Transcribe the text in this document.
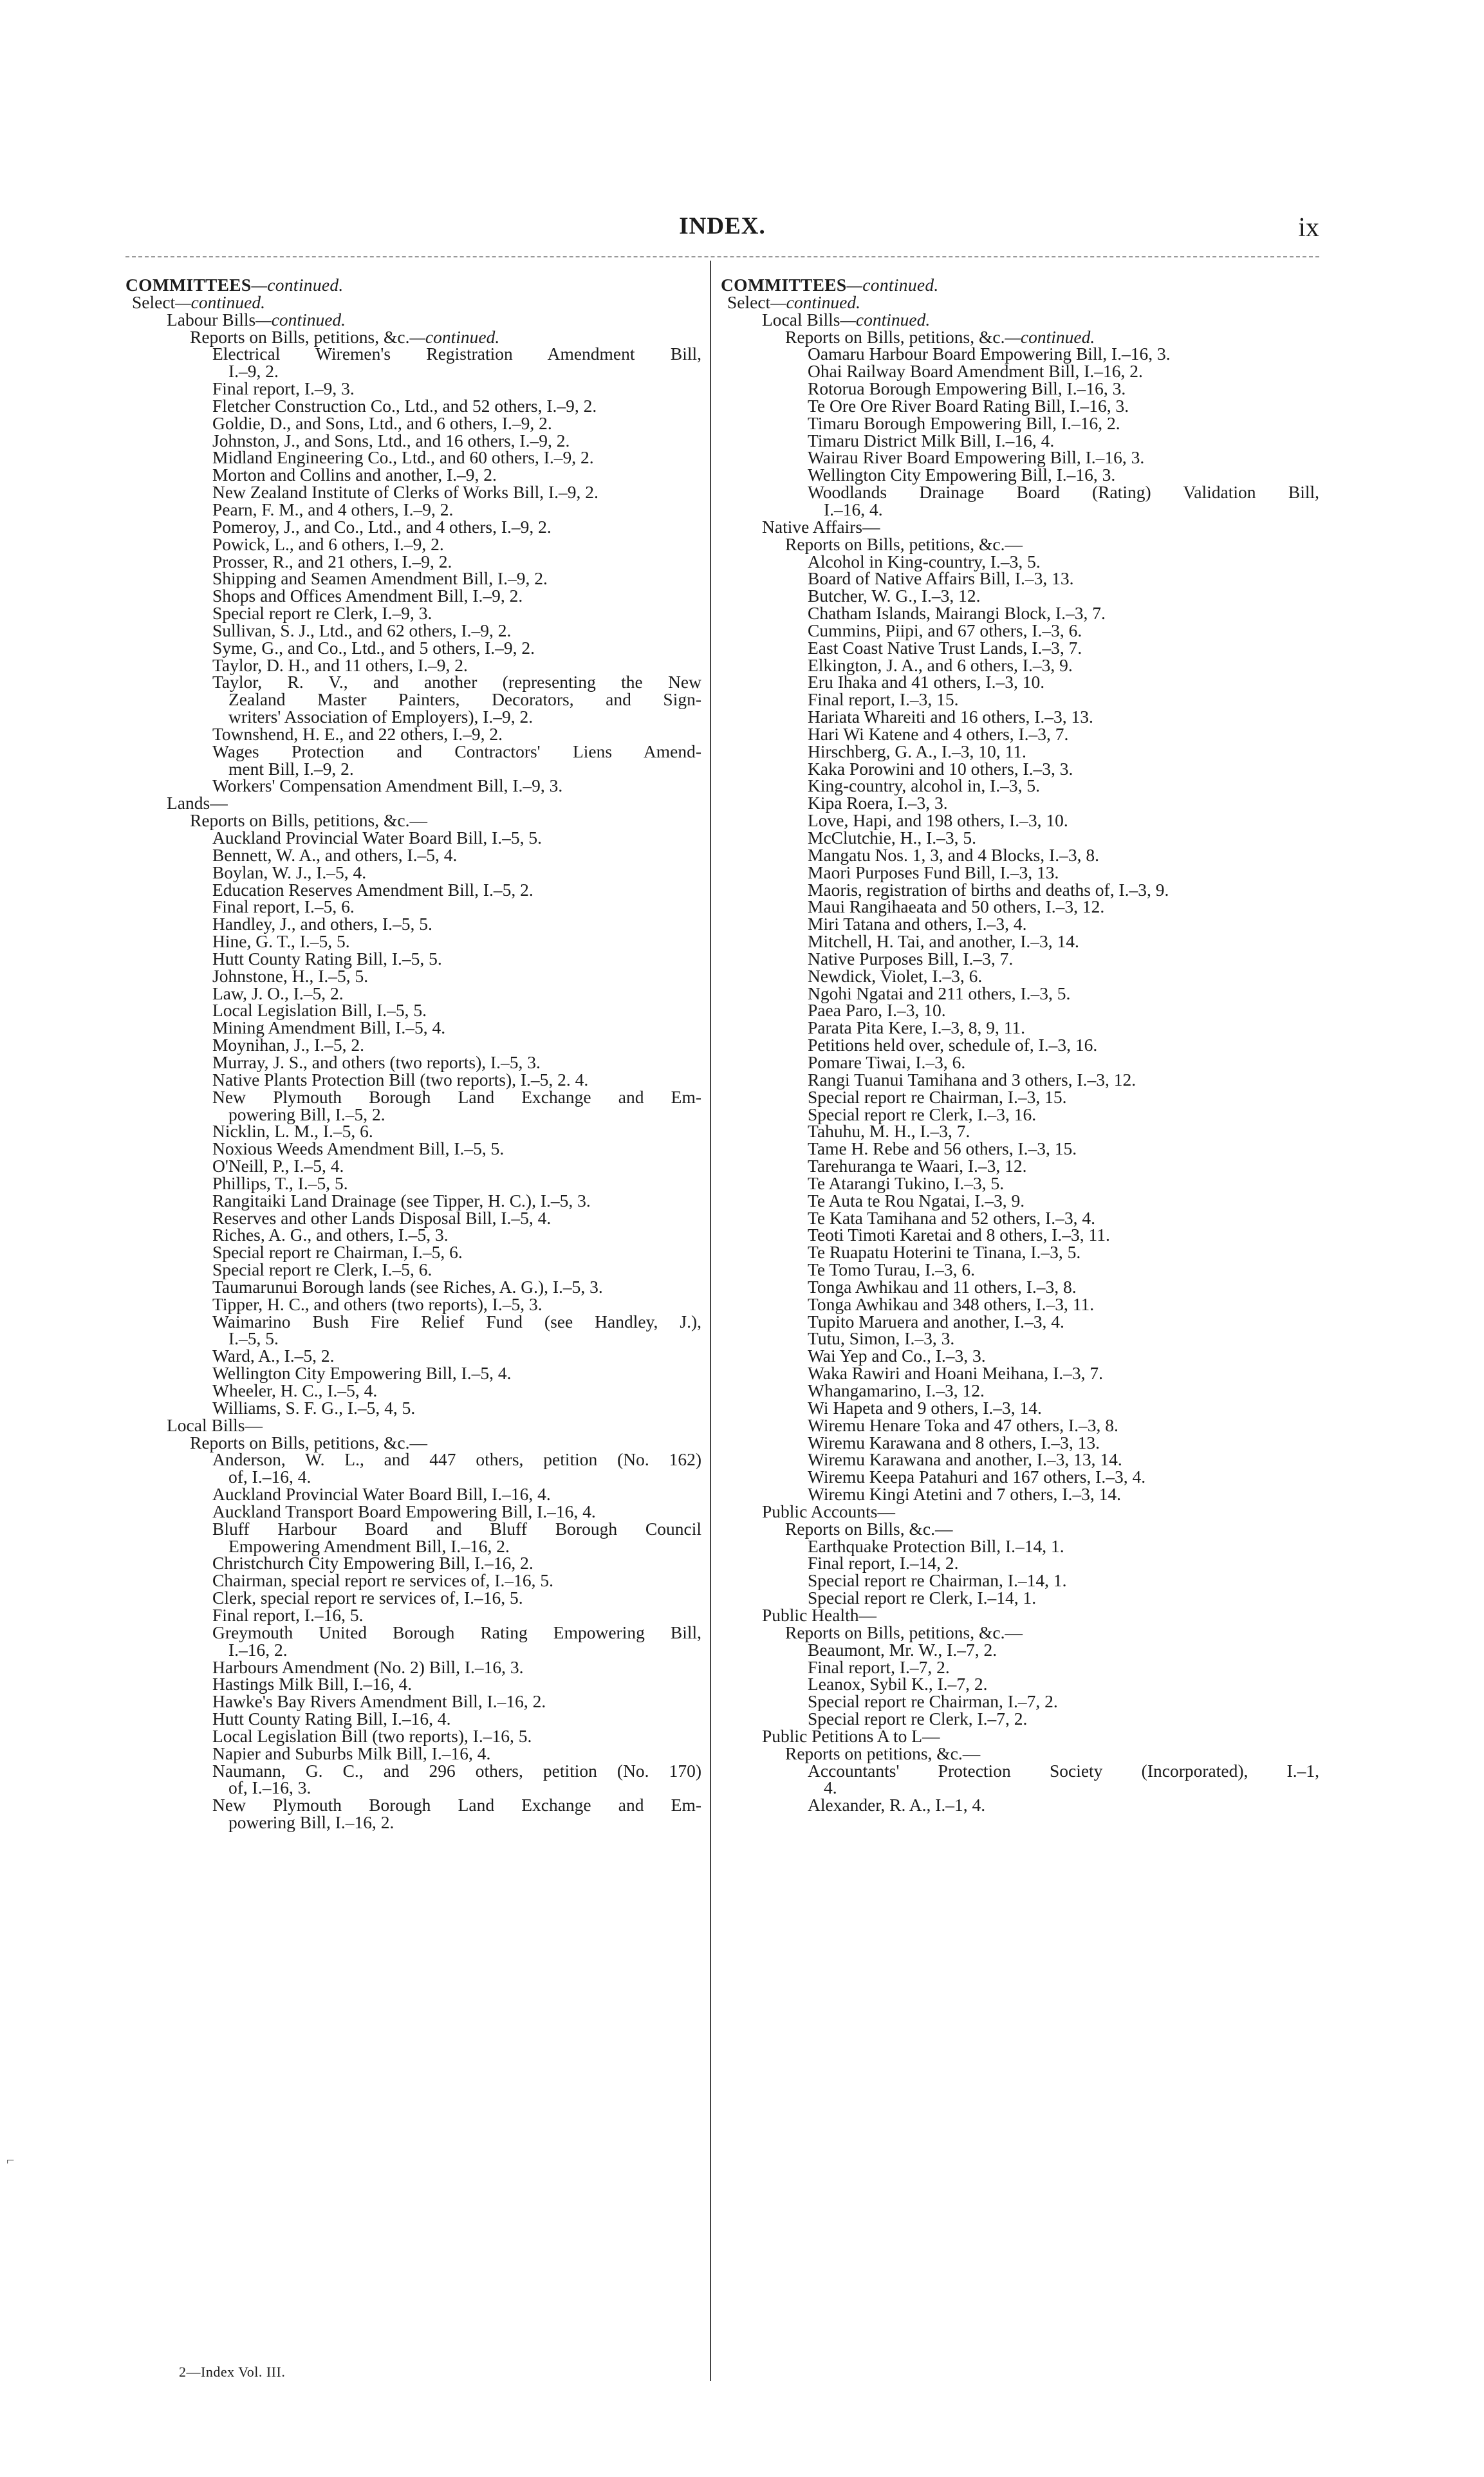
INDEX.	ix
COMMITTEES—continued.
Select—continued.
Labour Bills—continued.
Reports on Bills, petitions, &c.—continued.
Electrical Wiremen's Registration Amendment Bill,
I.–9, 2.
Final report, I.–9, 3.
Fletcher Construction Co., Ltd., and 52 others, I.–9, 2.
Goldie, D., and Sons, Ltd., and 6 others, I.–9, 2.
Johnston, J., and Sons, Ltd., and 16 others, I.–9, 2.
Midland Engineering Co., Ltd., and 60 others, I.–9, 2.
Morton and Collins and another, I.–9, 2.
New Zealand Institute of Clerks of Works Bill, I.–9, 2.
Pearn, F. M., and 4 others, I.–9, 2.
Pomeroy, J., and Co., Ltd., and 4 others, I.–9, 2.
Powick, L., and 6 others, I.–9, 2.
Prosser, R., and 21 others, I.–9, 2.
Shipping and Seamen Amendment Bill, I.–9, 2.
Shops and Offices Amendment Bill, I.–9, 2.
Special report re Clerk, I.–9, 3.
Sullivan, S. J., Ltd., and 62 others, I.–9, 2.
Syme, G., and Co., Ltd., and 5 others, I.–9, 2.
Taylor, D. H., and 11 others, I.–9, 2.
Taylor, R. V., and another (representing the New
Zealand Master Painters, Decorators, and Sign-
writers' Association of Employers), I.–9, 2.
Townshend, H. E., and 22 others, I.–9, 2.
Wages Protection and Contractors' Liens Amend-
ment Bill, I.–9, 2.
Workers' Compensation Amendment Bill, I.–9, 3.
Lands—
Reports on Bills, petitions, &c.—
Auckland Provincial Water Board Bill, I.–5, 5.
Bennett, W. A., and others, I.–5, 4.
Boylan, W. J., I.–5, 4.
Education Reserves Amendment Bill, I.–5, 2.
Final report, I.–5, 6.
Handley, J., and others, I.–5, 5.
Hine, G. T., I.–5, 5.
Hutt County Rating Bill, I.–5, 5.
Johnstone, H., I.–5, 5.
Law, J. O., I.–5, 2.
Local Legislation Bill, I.–5, 5.
Mining Amendment Bill, I.–5, 4.
Moynihan, J., I.–5, 2.
Murray, J. S., and others (two reports), I.–5, 3.
Native Plants Protection Bill (two reports), I.–5, 2. 4.
New Plymouth Borough Land Exchange and Em-
powering Bill, I.–5, 2.
Nicklin, L. M., I.–5, 6.
Noxious Weeds Amendment Bill, I.–5, 5.
O'Neill, P., I.–5, 4.
Phillips, T., I.–5, 5.
Rangitaiki Land Drainage (see Tipper, H. C.), I.–5, 3.
Reserves and other Lands Disposal Bill, I.–5, 4.
Riches, A. G., and others, I.–5, 3.
Special report re Chairman, I.–5, 6.
Special report re Clerk, I.–5, 6.
Taumarunui Borough lands (see Riches, A. G.), I.–5, 3.
Tipper, H. C., and others (two reports), I.–5, 3.
Waimarino Bush Fire Relief Fund (see Handley, J.),
I.–5, 5.
Ward, A., I.–5, 2.
Wellington City Empowering Bill, I.–5, 4.
Wheeler, H. C., I.–5, 4.
Williams, S. F. G., I.–5, 4, 5.
Local Bills—
Reports on Bills, petitions, &c.—
Anderson, W. L., and 447 others, petition (No. 162)
of, I.–16, 4.
Auckland Provincial Water Board Bill, I.–16, 4.
Auckland Transport Board Empowering Bill, I.–16, 4.
Bluff Harbour Board and Bluff Borough Council
Empowering Amendment Bill, I.–16, 2.
Christchurch City Empowering Bill, I.–16, 2.
Chairman, special report re services of, I.–16, 5.
Clerk, special report re services of, I.–16, 5.
Final report, I.–16, 5.
Greymouth United Borough Rating Empowering Bill,
I.–16, 2.
Harbours Amendment (No. 2) Bill, I.–16, 3.
Hastings Milk Bill, I.–16, 4.
Hawke's Bay Rivers Amendment Bill, I.–16, 2.
Hutt County Rating Bill, I.–16, 4.
Local Legislation Bill (two reports), I.–16, 5.
Napier and Suburbs Milk Bill, I.–16, 4.
Naumann, G. C., and 296 others, petition (No. 170)
of, I.–16, 3.
New Plymouth Borough Land Exchange and Em-
powering Bill, I.–16, 2.
COMMITTEES—continued.
Select—continued.
Local Bills—continued.
Reports on Bills, petitions, &c.—continued.
Oamaru Harbour Board Empowering Bill, I.–16, 3.
Ohai Railway Board Amendment Bill, I.–16, 2.
Rotorua Borough Empowering Bill, I.–16, 3.
Te Ore Ore River Board Rating Bill, I.–16, 3.
Timaru Borough Empowering Bill, I.–16, 2.
Timaru District Milk Bill, I.–16, 4.
Wairau River Board Empowering Bill, I.–16, 3.
Wellington City Empowering Bill, I.–16, 3.
Woodlands Drainage Board (Rating) Validation Bill,
I.–16, 4.
Native Affairs—
Reports on Bills, petitions, &c.—
Alcohol in King-country, I.–3, 5.
Board of Native Affairs Bill, I.–3, 13.
Butcher, W. G., I.–3, 12.
Chatham Islands, Mairangi Block, I.–3, 7.
Cummins, Piipi, and 67 others, I.–3, 6.
East Coast Native Trust Lands, I.–3, 7.
Elkington, J. A., and 6 others, I.–3, 9.
Eru Ihaka and 41 others, I.–3, 10.
Final report, I.–3, 15.
Hariata Whareiti and 16 others, I.–3, 13.
Hari Wi Katene and 4 others, I.–3, 7.
Hirschberg, G. A., I.–3, 10, 11.
Kaka Porowini and 10 others, I.–3, 3.
King-country, alcohol in, I.–3, 5.
Kipa Roera, I.–3, 3.
Love, Hapi, and 198 others, I.–3, 10.
McClutchie, H., I.–3, 5.
Mangatu Nos. 1, 3, and 4 Blocks, I.–3, 8.
Maori Purposes Fund Bill, I.–3, 13.
Maoris, registration of births and deaths of, I.–3, 9.
Maui Rangihaeata and 50 others, I.–3, 12.
Miri Tatana and others, I.–3, 4.
Mitchell, H. Tai, and another, I.–3, 14.
Native Purposes Bill, I.–3, 7.
Newdick, Violet, I.–3, 6.
Ngohi Ngatai and 211 others, I.–3, 5.
Paea Paro, I.–3, 10.
Parata Pita Kere, I.–3, 8, 9, 11.
Petitions held over, schedule of, I.–3, 16.
Pomare Tiwai, I.–3, 6.
Rangi Tuanui Tamihana and 3 others, I.–3, 12.
Special report re Chairman, I.–3, 15.
Special report re Clerk, I.–3, 16.
Tahuhu, M. H., I.–3, 7.
Tame H. Rebe and 56 others, I.–3, 15.
Tarehuranga te Waari, I.–3, 12.
Te Atarangi Tukino, I.–3, 5.
Te Auta te Rou Ngatai, I.–3, 9.
Te Kata Tamihana and 52 others, I.–3, 4.
Teoti Timoti Karetai and 8 others, I.–3, 11.
Te Ruapatu Hoterini te Tinana, I.–3, 5.
Te Tomo Turau, I.–3, 6.
Tonga Awhikau and 11 others, I.–3, 8.
Tonga Awhikau and 348 others, I.–3, 11.
Tupito Maruera and another, I.–3, 4.
Tutu, Simon, I.–3, 3.
Wai Yep and Co., I.–3, 3.
Waka Rawiri and Hoani Meihana, I.–3, 7.
Whangamarino, I.–3, 12.
Wi Hapeta and 9 others, I.–3, 14.
Wiremu Henare Toka and 47 others, I.–3, 8.
Wiremu Karawana and 8 others, I.–3, 13.
Wiremu Karawana and another, I.–3, 13, 14.
Wiremu Keepa Patahuri and 167 others, I.–3, 4.
Wiremu Kingi Atetini and 7 others, I.–3, 14.
Public Accounts—
Reports on Bills, &c.—
Earthquake Protection Bill, I.–14, 1.
Final report, I.–14, 2.
Special report re Chairman, I.–14, 1.
Special report re Clerk, I.–14, 1.
Public Health—
Reports on Bills, petitions, &c.—
Beaumont, Mr. W., I.–7, 2.
Final report, I.–7, 2.
Leanox, Sybil K., I.–7, 2.
Special report re Chairman, I.–7, 2.
Special report re Clerk, I.–7, 2.
Public Petitions A to L—
Reports on petitions, &c.—
Accountants' Protection Society (Incorporated), I.–1,
4.
Alexander, R. A., I.–1, 4.
2—Index Vol. III.
⌐
